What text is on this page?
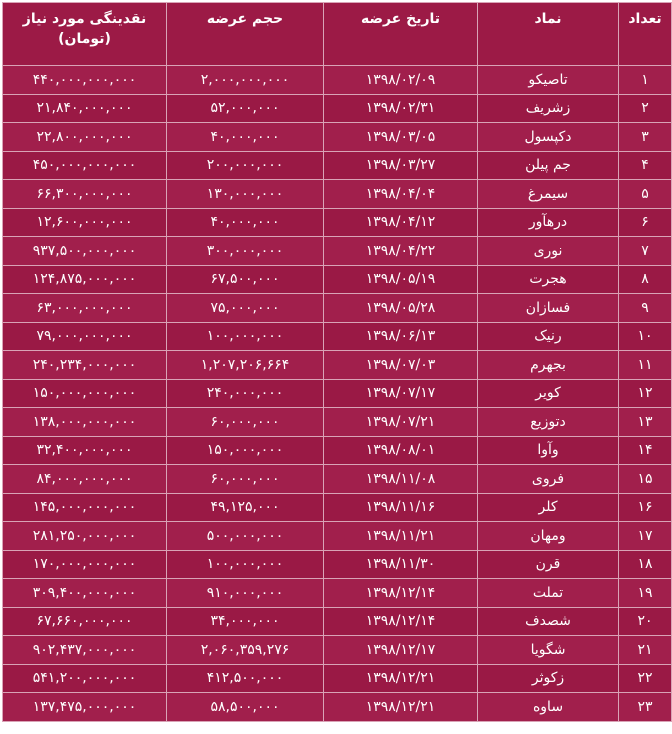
تعداد	نماد	تاریخ عرضه	حجم عرضه	نقدینگی مورد نیاز (تومان)
۱	تاصیکو	۱۳۹۸/۰۲/۰۹	۲,۰۰۰,۰۰۰,۰۰۰	۴۴۰,۰۰۰,۰۰۰,۰۰۰
۲	زشریف	۱۳۹۸/۰۲/۳۱	۵۲,۰۰۰,۰۰۰	۲۱,۸۴۰,۰۰۰,۰۰۰
۳	دکپسول	۱۳۹۸/۰۳/۰۵	۴۰,۰۰۰,۰۰۰	۲۲,۸۰۰,۰۰۰,۰۰۰
۴	جم پیلن	۱۳۹۸/۰۳/۲۷	۲۰۰,۰۰۰,۰۰۰	۴۵۰,۰۰۰,۰۰۰,۰۰۰
۵	سیمرغ	۱۳۹۸/۰۴/۰۴	۱۳۰,۰۰۰,۰۰۰	۶۶,۳۰۰,۰۰۰,۰۰۰
۶	درهآور	۱۳۹۸/۰۴/۱۲	۴۰,۰۰۰,۰۰۰	۱۲,۶۰۰,۰۰۰,۰۰۰
۷	نوری	۱۳۹۸/۰۴/۲۲	۳۰۰,۰۰۰,۰۰۰	۹۳۷,۵۰۰,۰۰۰,۰۰۰
۸	هجرت	۱۳۹۸/۰۵/۱۹	۶۷,۵۰۰,۰۰۰	۱۲۴,۸۷۵,۰۰۰,۰۰۰
۹	فسازان	۱۳۹۸/۰۵/۲۸	۷۵,۰۰۰,۰۰۰	۶۳,۰۰۰,۰۰۰,۰۰۰
۱۰	رنیک	۱۳۹۸/۰۶/۱۳	۱۰۰,۰۰۰,۰۰۰	۷۹,۰۰۰,۰۰۰,۰۰۰
۱۱	بجهرم	۱۳۹۸/۰۷/۰۳	۱,۲۰۷,۲۰۶,۶۶۴	۲۴۰,۲۳۴,۰۰۰,۰۰۰
۱۲	کویر	۱۳۹۸/۰۷/۱۷	۲۴۰,۰۰۰,۰۰۰	۱۵۰,۰۰۰,۰۰۰,۰۰۰
۱۳	دتوزیع	۱۳۹۸/۰۷/۲۱	۶۰,۰۰۰,۰۰۰	۱۳۸,۰۰۰,۰۰۰,۰۰۰
۱۴	وآوا	۱۳۹۸/۰۸/۰۱	۱۵۰,۰۰۰,۰۰۰	۳۲,۴۰۰,۰۰۰,۰۰۰
۱۵	فروی	۱۳۹۸/۱۱/۰۸	۶۰,۰۰۰,۰۰۰	۸۴,۰۰۰,۰۰۰,۰۰۰
۱۶	کلر	۱۳۹۸/۱۱/۱۶	۴۹,۱۲۵,۰۰۰	۱۴۵,۰۰۰,۰۰۰,۰۰۰
۱۷	ومهان	۱۳۹۸/۱۱/۲۱	۵۰۰,۰۰۰,۰۰۰	۲۸۱,۲۵۰,۰۰۰,۰۰۰
۱۸	قرن	۱۳۹۸/۱۱/۳۰	۱۰۰,۰۰۰,۰۰۰	۱۷۰,۰۰۰,۰۰۰,۰۰۰
۱۹	تملت	۱۳۹۸/۱۲/۱۴	۹۱۰,۰۰۰,۰۰۰	۳۰۹,۴۰۰,۰۰۰,۰۰۰
۲۰	شصدف	۱۳۹۸/۱۲/۱۴	۳۴,۰۰۰,۰۰۰	۶۷,۶۶۰,۰۰۰,۰۰۰
۲۱	شگویا	۱۳۹۸/۱۲/۱۷	۲,۰۶۰,۳۵۹,۲۷۶	۹۰۲,۴۳۷,۰۰۰,۰۰۰
۲۲	زکوثر	۱۳۹۸/۱۲/۲۱	۴۱۲,۵۰۰,۰۰۰	۵۴۱,۲۰۰,۰۰۰,۰۰۰
۲۳	ساوه	۱۳۹۸/۱۲/۲۱	۵۸,۵۰۰,۰۰۰	۱۳۷,۴۷۵,۰۰۰,۰۰۰
